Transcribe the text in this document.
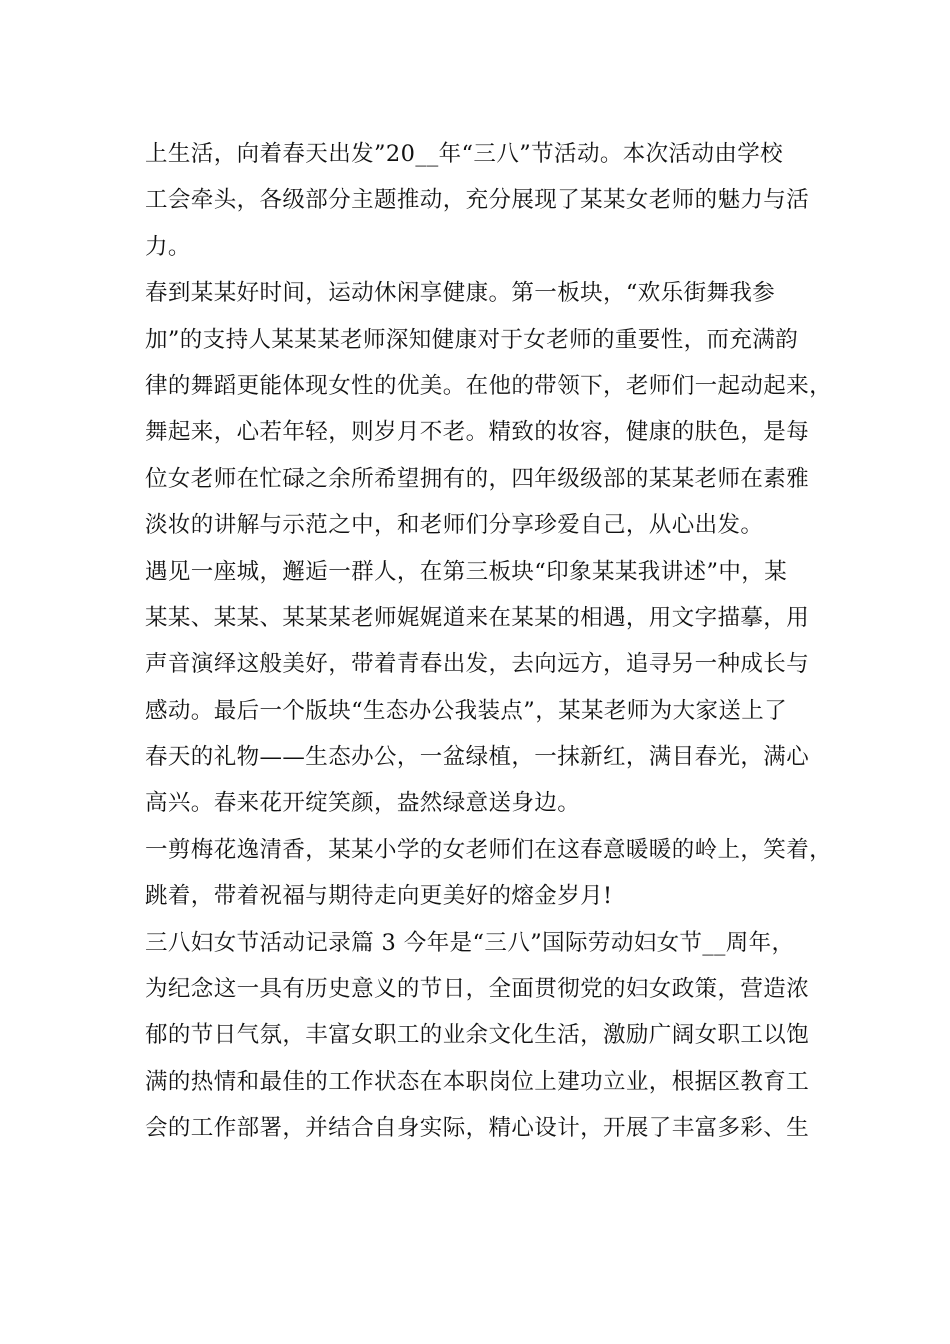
上生活，向着春天出发”20__年“三八”节活动。本次活动由学校
工会牵头，各级部分主题推动，充分展现了某某女老师的魅力与活
力。
春到某某好时间，运动休闲享健康。第一板块，“欢乐街舞我参
加”的支持人某某某老师深知健康对于女老师的重要性，而充满韵
律的舞蹈更能体现女性的优美。在他的带领下，老师们一起动起来，
舞起来，心若年轻，则岁月不老。精致的妆容，健康的肤色，是每
位女老师在忙碌之余所希望拥有的，四年级级部的某某老师在素雅
淡妆的讲解与示范之中，和老师们分享珍爱自己，从心出发。
遇见一座城，邂逅一群人，在第三板块“印象某某我讲述”中，某
某某、某某、某某某老师娓娓道来在某某的相遇，用文字描摹，用
声音演绎这般美好，带着青春出发，去向远方，追寻另一种成长与
感动。最后一个版块“生态办公我装点”，某某老师为大家送上了
春天的礼物——生态办公，一盆绿植，一抹新红，满目春光，满心
高兴。春来花开绽笑颜，盎然绿意送身边。
一剪梅花逸清香，某某小学的女老师们在这春意暖暖的岭上，笑着，
跳着，带着祝福与期待走向更美好的熔金岁月!
三八妇女节活动记录篇 3 今年是“三八”国际劳动妇女节__周年，
为纪念这一具有历史意义的节日，全面贯彻党的妇女政策，营造浓
郁的节日气氛，丰富女职工的业余文化生活，激励广阔女职工以饱
满的热情和最佳的工作状态在本职岗位上建功立业，根据区教育工
会的工作部署，并结合自身实际，精心设计，开展了丰富多彩、生
